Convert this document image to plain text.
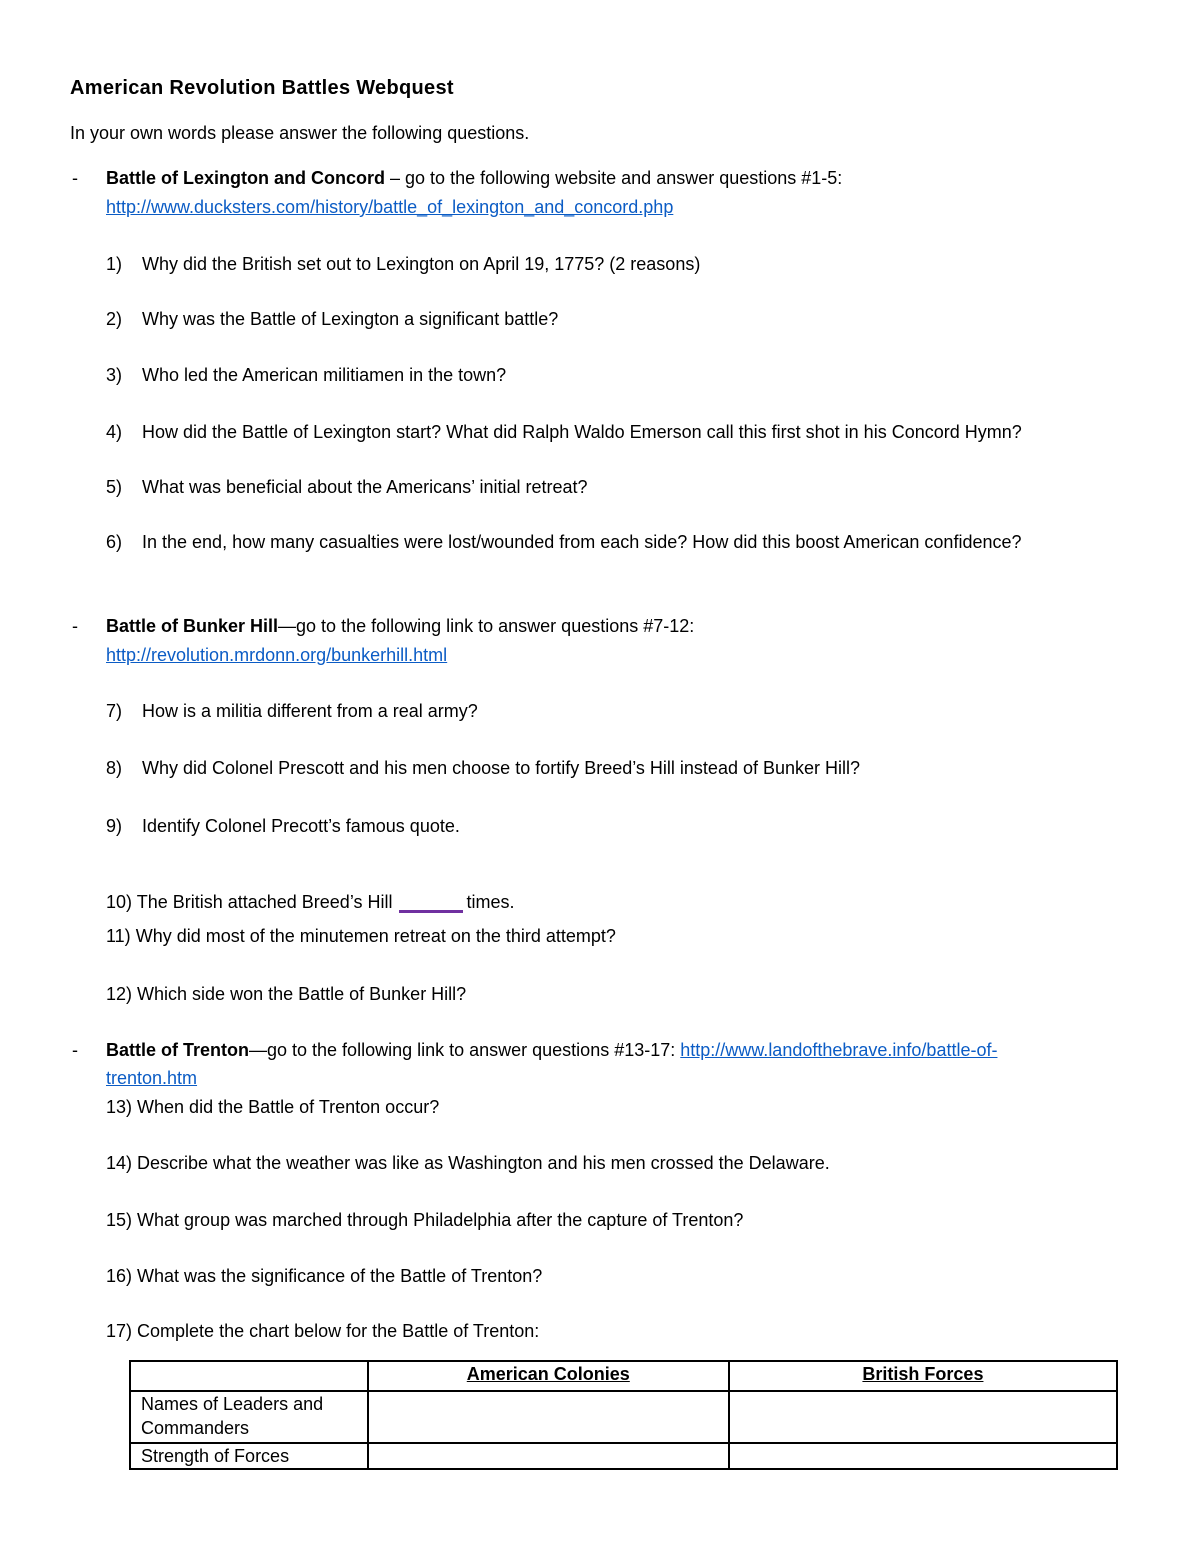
American Revolution Battles Webquest
In your own words please answer the following questions.
- Battle of Lexington and Concord – go to the following website and answer questions #1-5:
http://www.ducksters.com/history/battle_of_lexington_and_concord.php
1)	Why did the British set out to Lexington on April 19, 1775? (2 reasons)
2)	Why was the Battle of Lexington a significant battle?
3)	Who led the American militiamen in the town?
4)	How did the Battle of Lexington start? What did Ralph Waldo Emerson call this first shot in his Concord Hymn?
5)	What was beneficial about the Americans’ initial retreat?
6)	In the end, how many casualties were lost/wounded from each side? How did this boost American confidence?
- Battle of Bunker Hill—go to the following link to answer questions #7-12:
http://revolution.mrdonn.org/bunkerhill.html
7)	How is a militia different from a real army?
8)	Why did Colonel Prescott and his men choose to fortify Breed’s Hill instead of Bunker Hill?
9)	Identify Colonel Precott’s famous quote.
10) The British attached Breed’s Hill	times.
11) Why did most of the minutemen retreat on the third attempt?
12) Which side won the Battle of Bunker Hill?
- Battle of Trenton—go to the following link to answer questions #13-17: http://www.landofthebrave.info/battle-of-
trenton.htm
13) When did the Battle of Trenton occur?
14) Describe what the weather was like as Washington and his men crossed the Delaware.
15) What group was marched through Philadelphia after the capture of Trenton?
16) What was the significance of the Battle of Trenton?
17) Complete the chart below for the Battle of Trenton:
	American Colonies	British Forces

Names of Leaders and
Commanders		

Strength of Forces		
